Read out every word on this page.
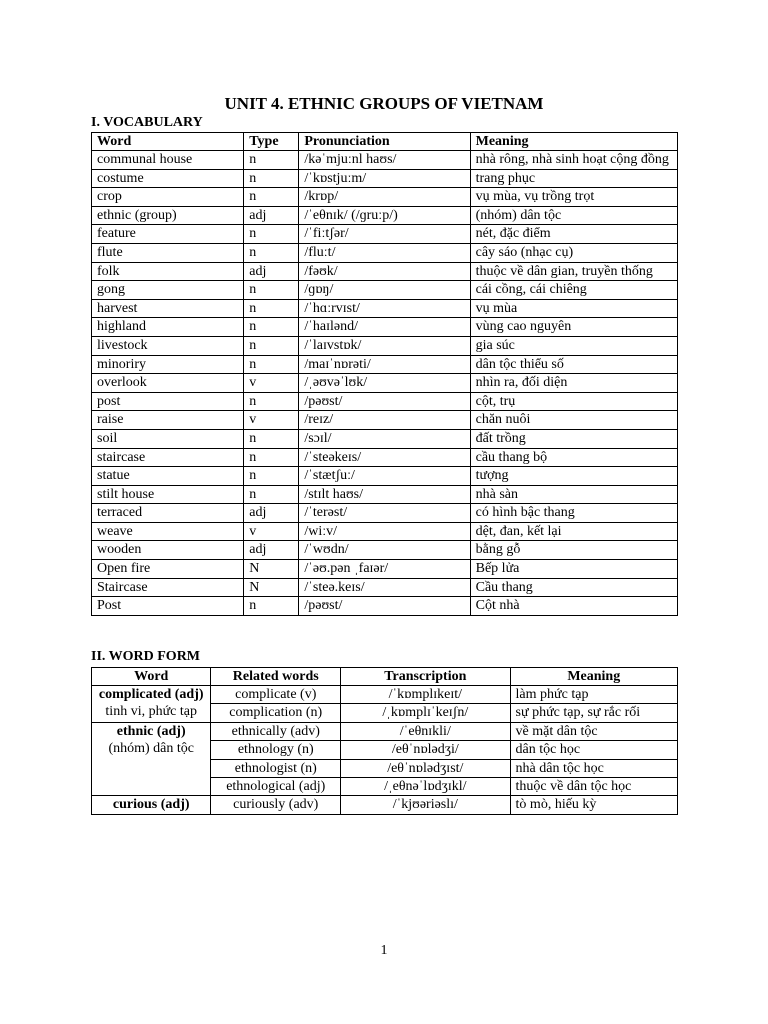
UNIT 4. ETHNIC GROUPS OF VIETNAM
I. VOCABULARY
Word	Type	Pronunciation	Meaning
communal house	n	/kəˈmjuːnl haʊs/	nhà rông, nhà sinh hoạt cộng đồng
costume	n	/ˈkɒstjuːm/	trang phục
crop	n	/krɒp/	vụ mùa, vụ trồng trọt
ethnic (group)	adj	/ˈeθnɪk/ (/ɡruːp/)	(nhóm) dân tộc
feature	n	/ˈfiːtʃər/	nét, đặc điểm
flute	n	/fluːt/	cây sáo (nhạc cụ)
folk	adj	/fəʊk/	thuộc về dân gian, truyền thống
gong	n	/ɡɒŋ/	cái cồng, cái chiêng
harvest	n	/ˈhɑːrvɪst/	vụ mùa
highland	n	/ˈhaɪlənd/	vùng cao nguyên
livestock	n	/ˈlaɪvstɒk/	gia súc
minoriry	n	/maɪˈnɒrəti/	dân tộc thiểu số
overlook	v	/ˌəʊvəˈlʊk/	nhìn ra, đối diện
post	n	/pəʊst/	cột, trụ
raise	v	/reɪz/	chăn nuôi
soil	n	/sɔɪl/	đất trồng
staircase	n	/ˈsteəkeɪs/	cầu thang bộ
statue	n	/ˈstætʃuː/	tượng
stilt house	n	/stɪlt haʊs/	nhà sàn
terraced	adj	/ˈterəst/	có hình bậc thang
weave	v	/wiːv/	dệt, đan, kết lại
wooden	adj	/ˈwʊdn/	bằng gỗ
Open fire	N	/ˈəʊ.pən ˌfaɪər/	Bếp lửa
Staircase	N	/ˈsteə.keɪs/	Cầu thang
Post	n	/pəʊst/	Cột nhà
II. WORD FORM
Word	Related words	Transcription	Meaning

complicated (adj)
tinh vi, phức tạp	complicate (v)	/ˈkɒmplɪkeɪt/	làm phức tạp
	complication (n)	/ˌkɒmplɪˈkeɪʃn/	sự phức tạp, sự rắc rối

ethnic (adj)
(nhóm) dân tộc	ethnically (adv)	/ˈeθnɪkli/	về mặt dân tộc
	ethnology (n)	/eθˈnɒlədʒi/	dân tộc học
	ethnologist (n)	/eθˈnɒlədʒɪst/	nhà dân tộc học
	ethnological (adj)	/ˌeθnəˈlɒdʒɪkl/	thuộc về dân tộc học

curious (adj)	curiously (adv)	/ˈkjʊəriəslı/	tò mò, hiếu kỳ
1
